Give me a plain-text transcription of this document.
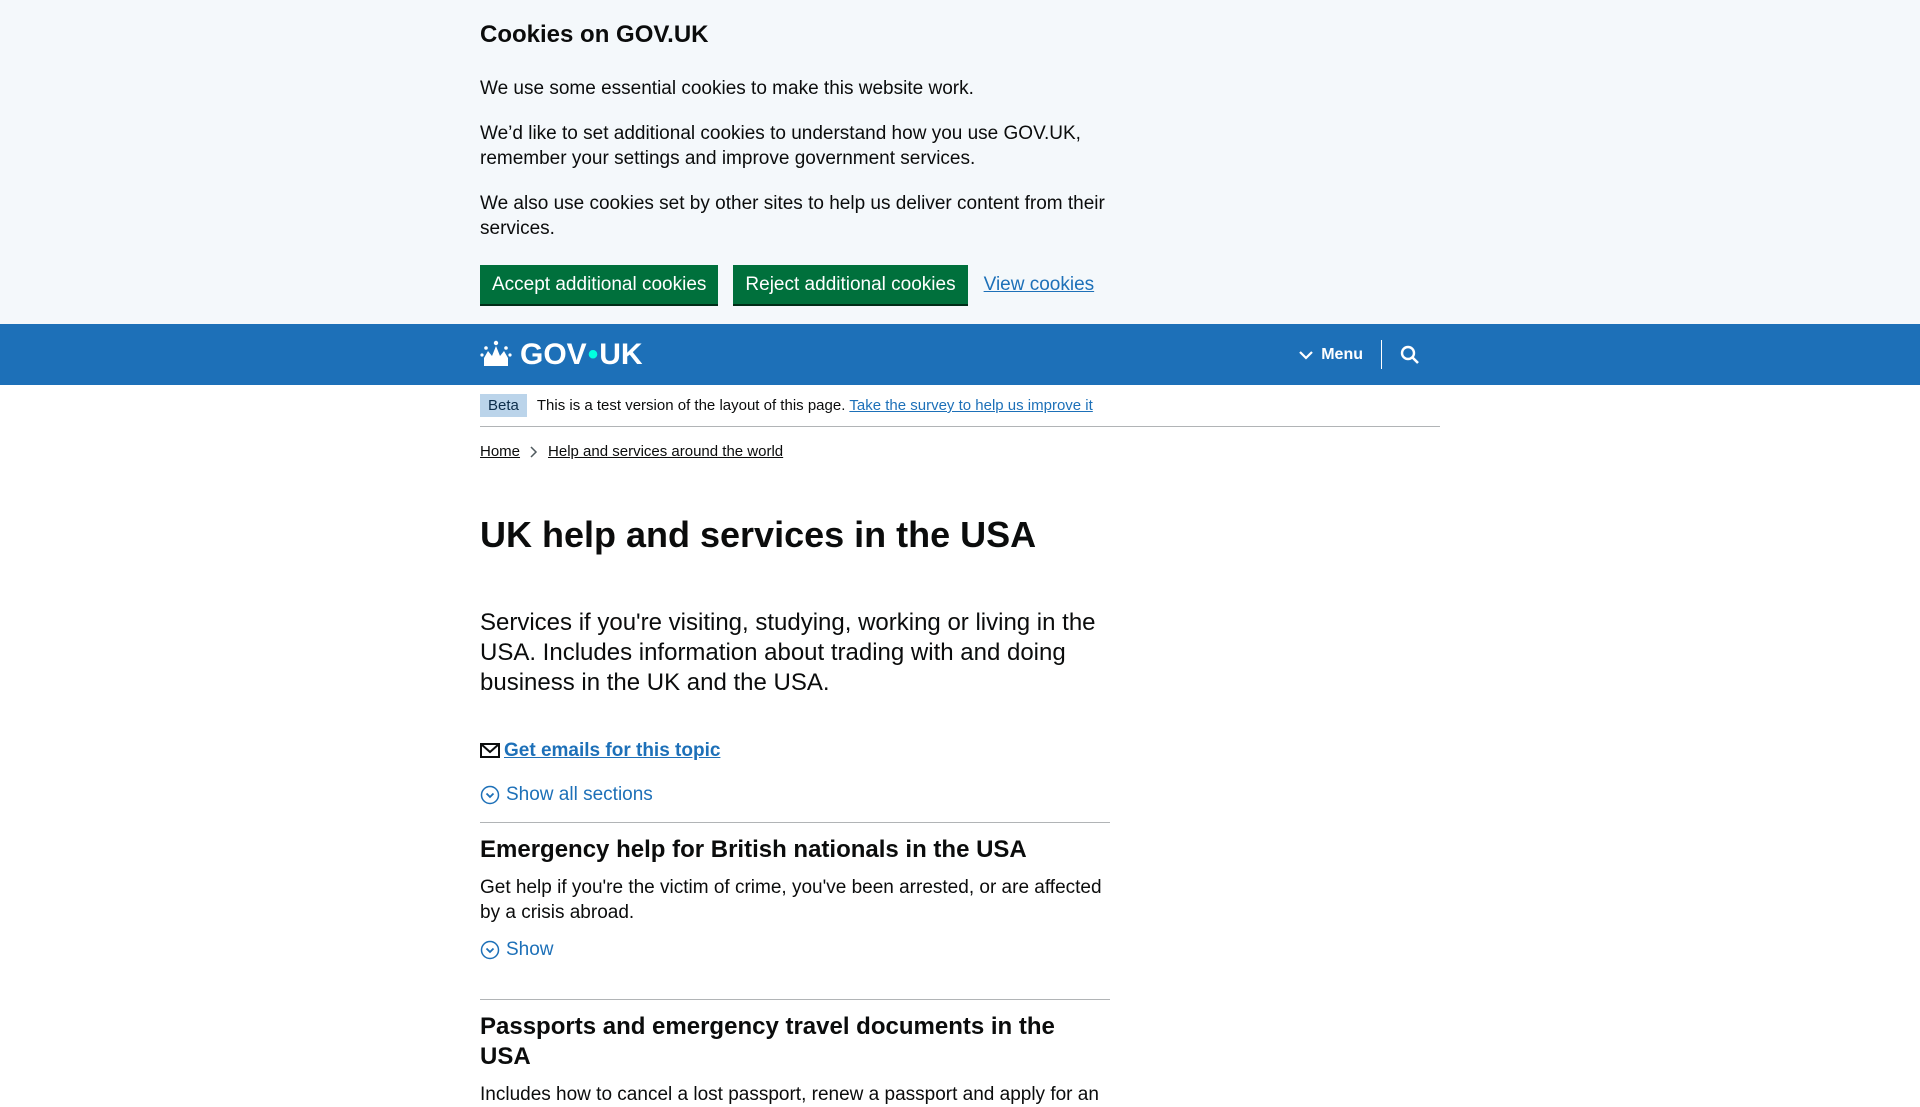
Cookies on GOV.UK

We use some essential cookies to make this website work.

We’d like to set additional cookies to understand how you use GOV.UK, remember your settings and improve government services.

We also use cookies set by other sites to help us deliver content from their services.

Accept additional cookies	Reject additional cookies	View cookies
GOV • UK	Menu
Beta	This is a test version of the layout of this page. Take the survey to help us improve it
Home Help and services around the world
UK help and services in the USA

Services if you're visiting, studying, working or living in the USA. Includes information about trading with and doing business in the UK and the USA.

Get emails for this topic
Show all sections
Emergency help for British nationals in the USA

Get help if you're the victim of crime, you've been arrested, or are affected by a crisis abroad.

Show
Passports and emergency travel documents in the USA

Includes how to cancel a lost passport, renew a passport and apply for an
